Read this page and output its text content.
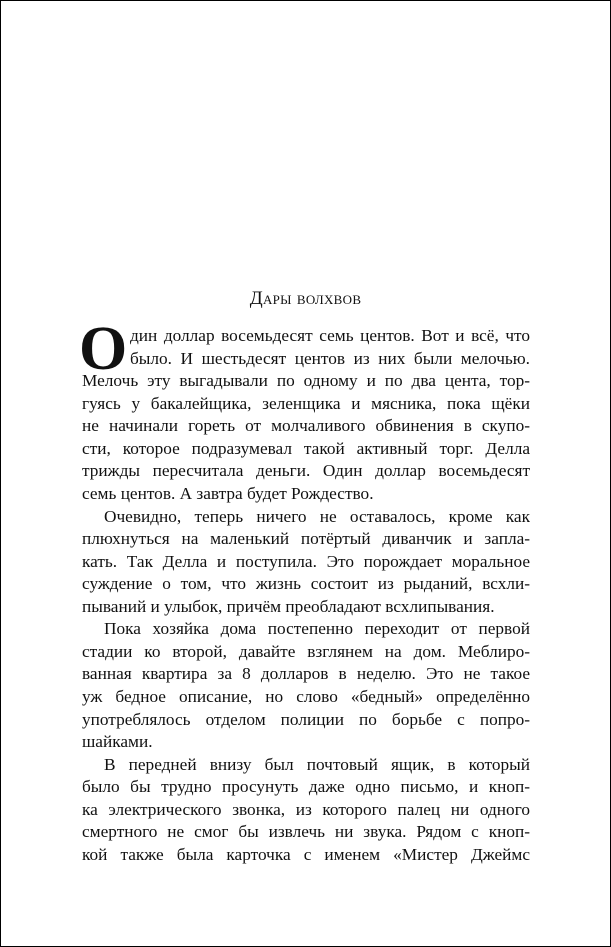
Дары волхвов
О дин доллар восемьдесят семь центов. Вот и всё, что
было. И шестьдесят центов из них были мелочью.
Мелочь эту выгадывали по одному и по два цента, тор-
гуясь у бакалейщика, зеленщика и мясника, пока щёки
не начинали гореть от молчаливого обвинения в скупо-
сти, которое подразумевал такой активный торг. Делла
трижды пересчитала деньги. Один доллар восемьдесят
семь центов. А завтра будет Рождество.
Очевидно, теперь ничего не оставалось, кроме как
плюхнуться на маленький потёртый диванчик и запла-
кать. Так Делла и поступила. Это порождает моральное
суждение о том, что жизнь состоит из рыданий, всхли-
пываний и улыбок, причём преобладают всхлипывания.
Пока хозяйка дома постепенно переходит от первой
стадии ко второй, давайте взглянем на дом. Меблиро-
ванная квартира за 8 долларов в неделю. Это не такое
уж бедное описание, но слово «бедный» определённо
употреблялось отделом полиции по борьбе с попро-
шайками.
В передней внизу был почтовый ящик, в который
было бы трудно просунуть даже одно письмо, и кноп-
ка электрического звонка, из которого палец ни одного
смертного не смог бы извлечь ни звука. Рядом с кноп-
кой также была карточка с именем «Мистер Джеймс
